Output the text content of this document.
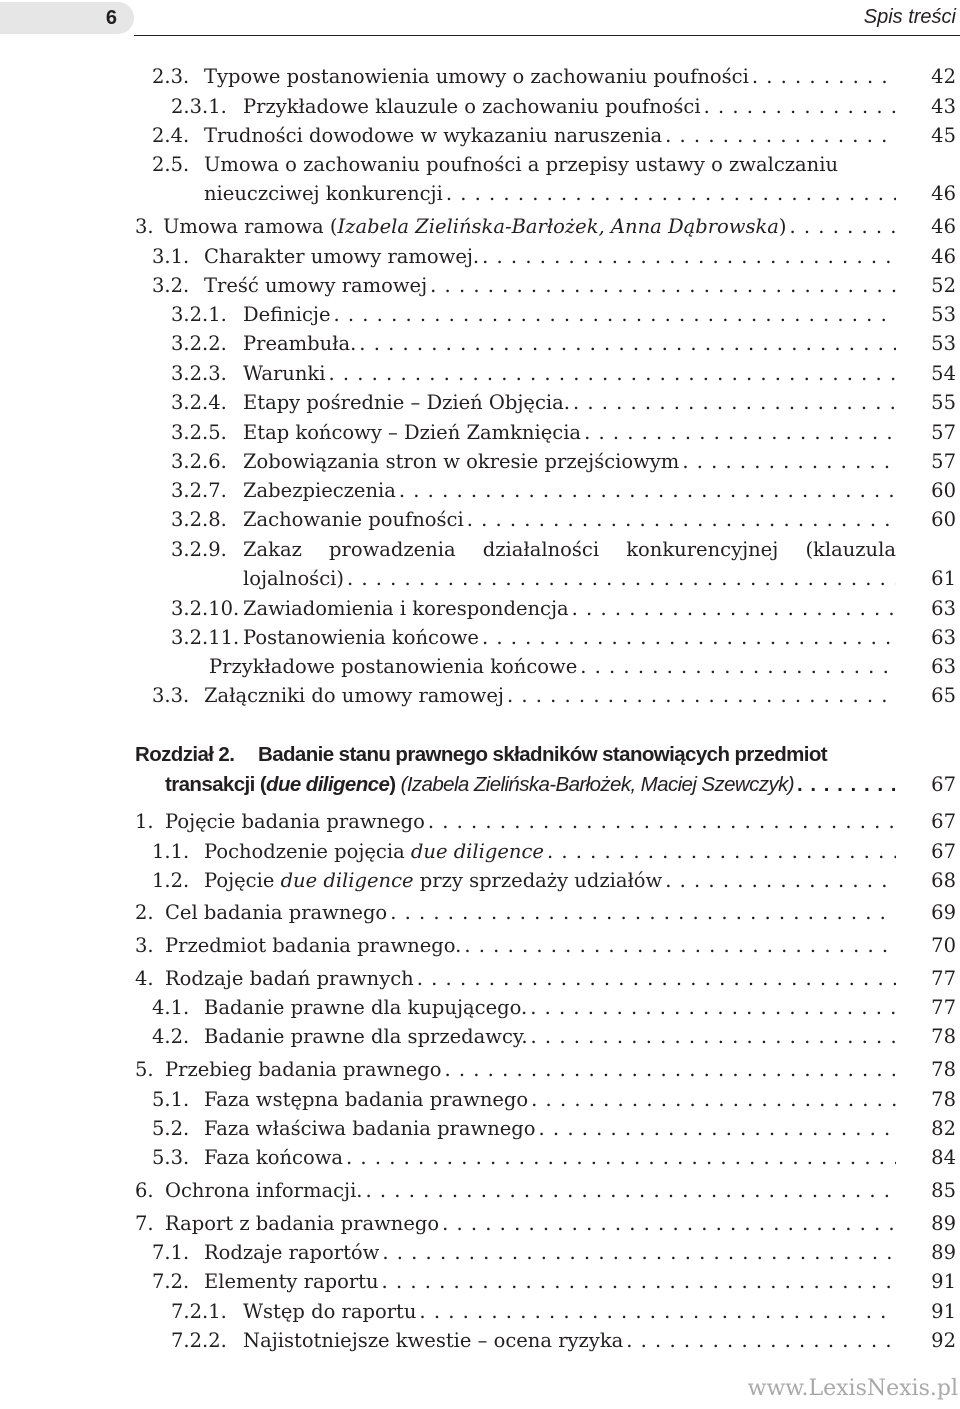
6	Spis treści
2.3. Typowe postanowienia umowy o zachowaniu poufności . . .	42
2.3.1. Przykładowe klauzule o zachowaniu poufności . . .	43
2.4. Trudności dowodowe w wykazaniu naruszenia . . .	45
2.5. Umowa o zachowaniu poufności a przepisy ustawy o zwalczaniu
nieuczciwej konkurencji . . .	46
3. Umowa ramowa (Izabela Zielińska-Barłożek, Anna Dąbrowska) . . .	46
3.1. Charakter umowy ramowej. . . .	46
3.2. Treść umowy ramowej . . .	52
3.2.1. Definicje . . .	53
3.2.2. Preambuła. . . .	53
3.2.3. Warunki . . .	54
3.2.4. Etapy pośrednie – Dzień Objęcia. . . .	55
3.2.5. Etap końcowy – Dzień Zamknięcia . . .	57
3.2.6. Zobowiązania stron w okresie przejściowym . . .	57
3.2.7. Zabezpieczenia . . .	60
3.2.8. Zachowanie poufności . . .	60
3.2.9. Zakaz prowadzenia działalności konkurencyjnej (klauzula
lojalności) . . .	61
3.2.10. Zawiadomienia i korespondencja . . .	63
3.2.11. Postanowienia końcowe . . .	63
Przykładowe postanowienia końcowe . . .	63
3.3. Załączniki do umowy ramowej . . .	65
Rozdział 2. Badanie stanu prawnego składników stanowiących przedmiot
transakcji (due diligence) (Izabela Zielińska-Barłożek, Maciej Szewczyk) . . .	67
1. Pojęcie badania prawnego . . .	67
1.1. Pochodzenie pojęcia due diligence . . .	67
1.2. Pojęcie due diligence przy sprzedaży udziałów . . .	68
2. Cel badania prawnego . . .	69
3. Przedmiot badania prawnego. . . .	70
4. Rodzaje badań prawnych . . .	77
4.1. Badanie prawne dla kupującego. . . .	77
4.2. Badanie prawne dla sprzedawcy. . . .	78
5. Przebieg badania prawnego . . .	78
5.1. Faza wstępna badania prawnego . . .	78
5.2. Faza właściwa badania prawnego . . .	82
5.3. Faza końcowa . . .	84
6. Ochrona informacji. . . .	85
7. Raport z badania prawnego . . .	89
7.1. Rodzaje raportów . . .	89
7.2. Elementy raportu . . .	91
7.2.1. Wstęp do raportu . . .	91
7.2.2. Najistotniejsze kwestie – ocena ryzyka . . .	92
www.LexisNexis.pl
